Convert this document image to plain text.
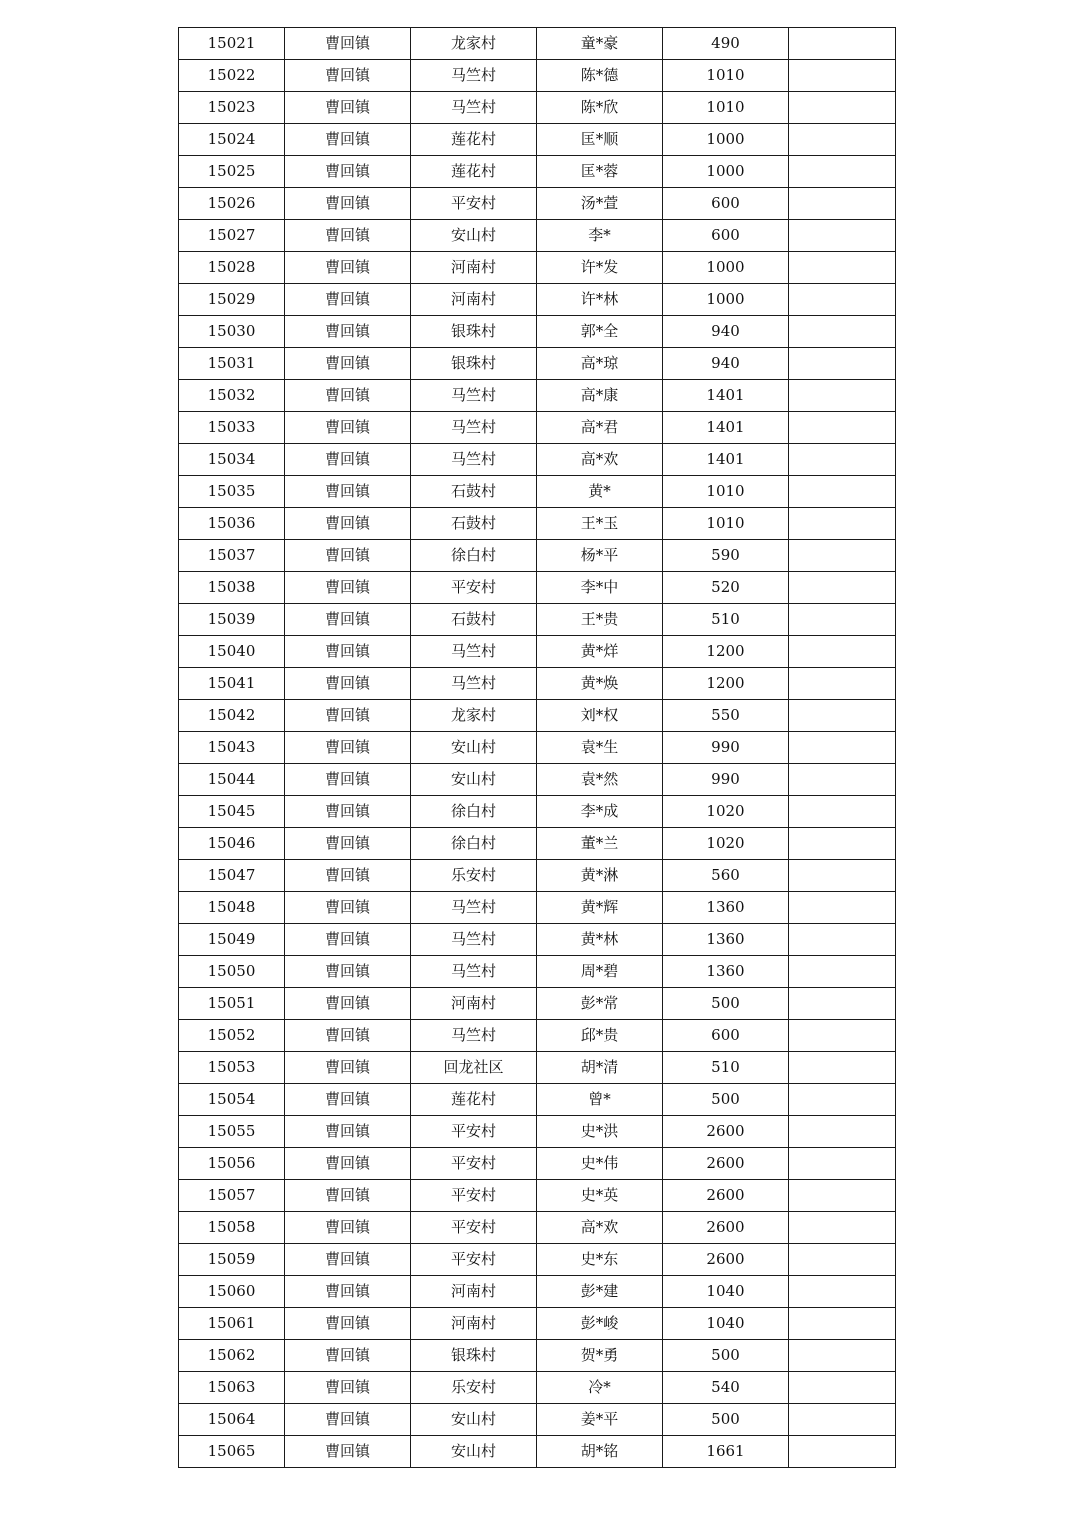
15021	曹回镇	龙家村	童*豪	490	
15022	曹回镇	马竺村	陈*德	1010	
15023	曹回镇	马竺村	陈*欣	1010	
15024	曹回镇	莲花村	匡*顺	1000	
15025	曹回镇	莲花村	匡*蓉	1000	
15026	曹回镇	平安村	汤*萱	600	
15027	曹回镇	安山村	李*	600	
15028	曹回镇	河南村	许*发	1000	
15029	曹回镇	河南村	许*林	1000	
15030	曹回镇	银珠村	郭*全	940	
15031	曹回镇	银珠村	高*琼	940	
15032	曹回镇	马竺村	高*康	1401	
15033	曹回镇	马竺村	高*君	1401	
15034	曹回镇	马竺村	高*欢	1401	
15035	曹回镇	石鼓村	黄*	1010	
15036	曹回镇	石鼓村	王*玉	1010	
15037	曹回镇	徐白村	杨*平	590	
15038	曹回镇	平安村	李*中	520	
15039	曹回镇	石鼓村	王*贵	510	
15040	曹回镇	马竺村	黄*烊	1200	
15041	曹回镇	马竺村	黄*焕	1200	
15042	曹回镇	龙家村	刘*权	550	
15043	曹回镇	安山村	袁*生	990	
15044	曹回镇	安山村	袁*然	990	
15045	曹回镇	徐白村	李*成	1020	
15046	曹回镇	徐白村	董*兰	1020	
15047	曹回镇	乐安村	黄*淋	560	
15048	曹回镇	马竺村	黄*辉	1360	
15049	曹回镇	马竺村	黄*林	1360	
15050	曹回镇	马竺村	周*碧	1360	
15051	曹回镇	河南村	彭*常	500	
15052	曹回镇	马竺村	邱*贵	600	
15053	曹回镇	回龙社区	胡*清	510	
15054	曹回镇	莲花村	曾*	500	
15055	曹回镇	平安村	史*洪	2600	
15056	曹回镇	平安村	史*伟	2600	
15057	曹回镇	平安村	史*英	2600	
15058	曹回镇	平安村	高*欢	2600	
15059	曹回镇	平安村	史*东	2600	
15060	曹回镇	河南村	彭*建	1040	
15061	曹回镇	河南村	彭*峻	1040	
15062	曹回镇	银珠村	贺*勇	500	
15063	曹回镇	乐安村	冷*	540	
15064	曹回镇	安山村	姜*平	500	
15065	曹回镇	安山村	胡*铭	1661	
